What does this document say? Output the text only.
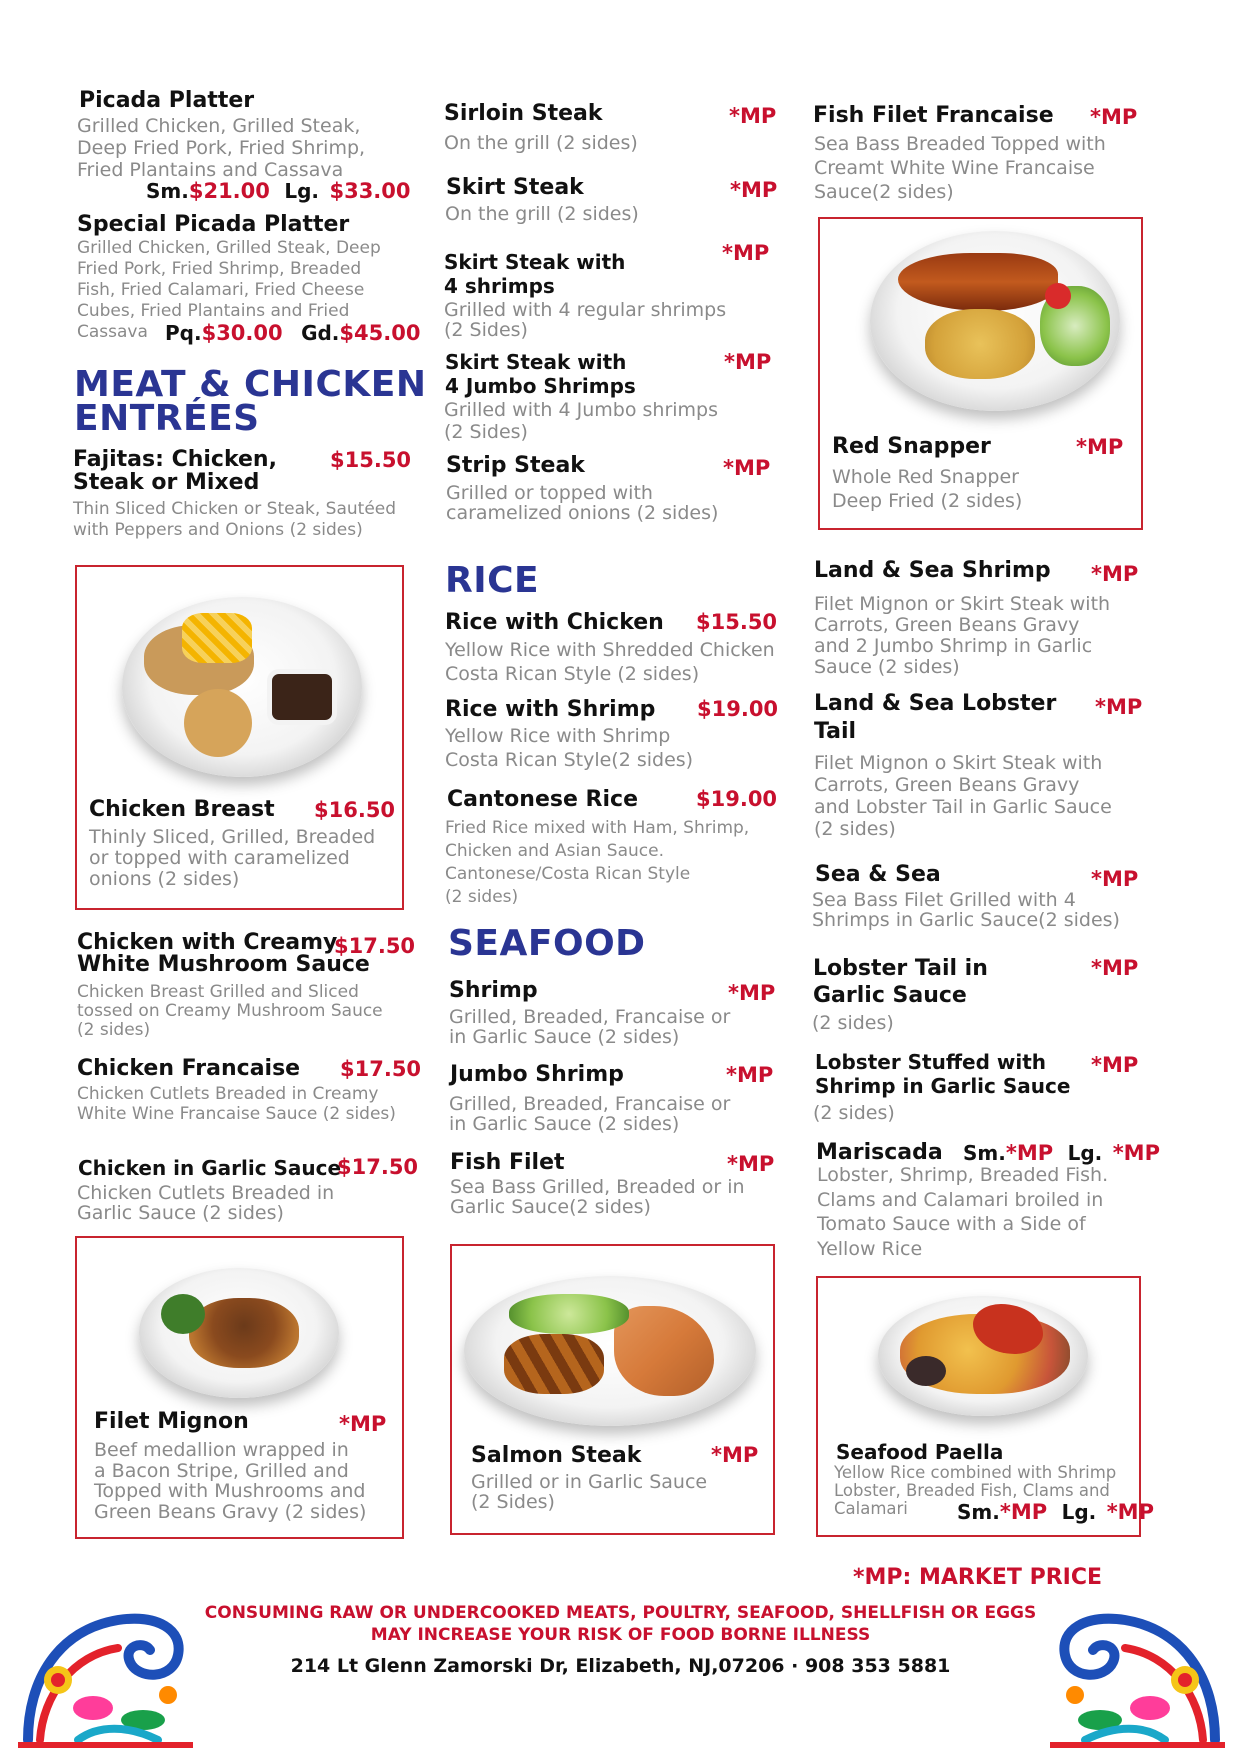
Picada Platter
Grilled Chicken, Grilled Steak,
Deep Fried Pork, Fried Shrimp,
Fried Plantains and Cassava
Sm.$21.00 Lg. $33.00
Special Picada Platter
Grilled Chicken, Grilled Steak, Deep
Fried Pork, Fried Shrimp, Breaded
Fish, Fried Calamari, Fried Cheese
Cubes, Fried Plantains and Fried
Cassava Pq.$30.00 Gd.$45.00
MEAT & CHICKEN
ENTRÉES
Fajitas: Chicken,
Steak or Mixed
$15.50
Thin Sliced Chicken or Steak, Sautéed
with Peppers and Onions (2 sides)
Chicken Breast $16.50
Thinly Sliced, Grilled, Breaded
or topped with caramelized
onions (2 sides)
Chicken with Creamy
White Mushroom Sauce
$17.50
Chicken Breast Grilled and Sliced
tossed on Creamy Mushroom Sauce
(2 sides)
Chicken Francaise $17.50
Chicken Cutlets Breaded in Creamy
White Wine Francaise Sauce (2 sides)
Chicken in Garlic Sauce
$17.50
Chicken Cutlets Breaded in
Garlic Sauce (2 sides)
Filet Mignon	*MP
Beef medallion wrapped in
a Bacon Stripe, Grilled and
Topped with Mushrooms and
Green Beans Gravy (2 sides)
Sirloin Steak	*MP
On the grill (2 sides)
Skirt Steak	*MP
On the grill (2 sides)
Skirt Steak with
4 shrimps
*MP
Grilled with 4 regular shrimps
(2 Sides)
Skirt Steak with
4 Jumbo Shrimps
*MP
Grilled with 4 Jumbo shrimps
(2 Sides)
Strip Steak	*MP
Grilled or topped with
caramelized onions (2 sides)
RICE
Rice with Chicken $15.50
Yellow Rice with Shredded Chicken
Costa Rican Style (2 sides)
Rice with Shrimp $19.00
Yellow Rice with Shrimp
Costa Rican Style(2 sides)
Cantonese Rice	$19.00
Fried Rice mixed with Ham, Shrimp,
Chicken and Asian Sauce.
Cantonese/Costa Rican Style
(2 sides)
SEAFOOD
Shrimp	*MP
Grilled, Breaded, Francaise or
in Garlic Sauce (2 sides)
Jumbo Shrimp	*MP
Grilled, Breaded, Francaise or
in Garlic Sauce (2 sides)
Fish Filet	*MP
Sea Bass Grilled, Breaded or in
Garlic Sauce(2 sides)
Salmon Steak	*MP
Grilled or in Garlic Sauce
(2 Sides)
Fish Filet Francaise *MP
Sea Bass Breaded Topped with
Creamt White Wine Francaise
Sauce(2 sides)
Red Snapper	*MP
Whole Red Snapper
Deep Fried (2 sides)
Land & Sea Shrimp *MP
Filet Mignon or Skirt Steak with
Carrots, Green Beans Gravy
and 2 Jumbo Shrimp in Garlic
Sauce (2 sides)
Land & Sea Lobster
Tail
*MP
Filet Mignon o Skirt Steak with
Carrots, Green Beans Gravy
and Lobster Tail in Garlic Sauce
(2 sides)
Sea & Sea	*MP
Sea Bass Filet Grilled with 4
Shrimps in Garlic Sauce(2 sides)
Lobster Tail in
Garlic Sauce
*MP
(2 sides)
Lobster Stuffed with
Shrimp in Garlic Sauce
*MP
(2 sides)
Mariscada Sm.*MP Lg. *MP
Lobster, Shrimp, Breaded Fish.
Clams and Calamari broiled in
Tomato Sauce with a Side of
Yellow Rice
Seafood Paella
Yellow Rice combined with Shrimp
Lobster, Breaded Fish, Clams and
Calamari	Sm.*MP Lg. *MP
*MP: MARKET PRICE
CONSUMING RAW OR UNDERCOOKED MEATS, POULTRY, SEAFOOD, SHELLFISH OR EGGS
MAY INCREASE YOUR RISK OF FOOD BORNE ILLNESS
214 Lt Glenn Zamorski Dr, Elizabeth, NJ,07206 · 908 353 5881
